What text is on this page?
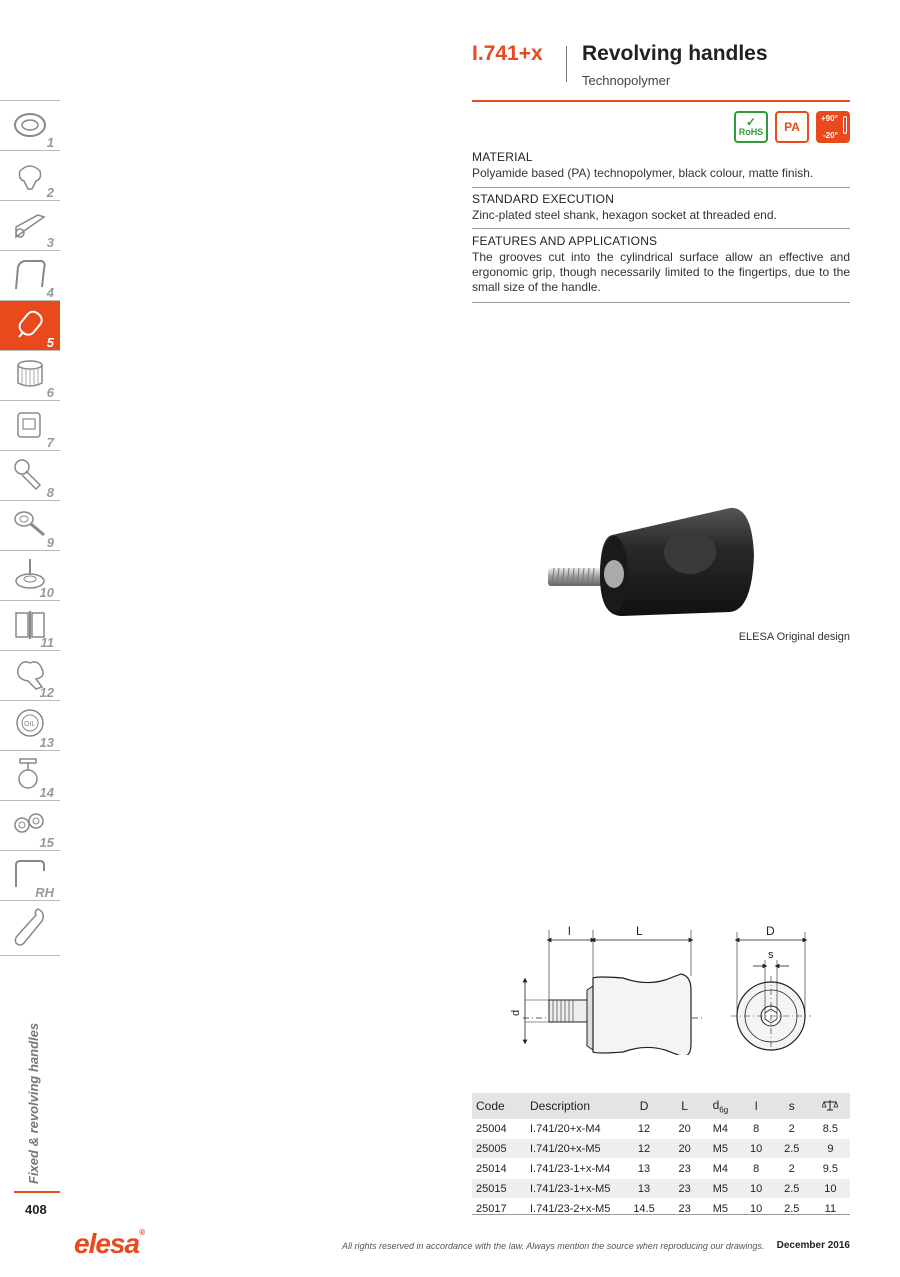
I.741+x Revolving handles
Technopolymer
✓
RoHS PA
+90°
-20°
MATERIAL

Polyamide based (PA) technopolymer, black colour, matte finish.

STANDARD EXECUTION

Zinc-plated steel shank, hexagon socket at threaded end.

FEATURES AND APPLICATIONS

The grooves cut into the cylindrical surface allow an effective and ergonomic grip, though necessarily limited to the fingertips, due to the small size of the handle.

1
2
3
4
5
6
7
8
9
10
11
12
OIL
13
14
15
RH
Fixed & revolving handles
408
ELESA Original design
d
l	L	D
s
Code	Description	D	L	$d_{6g}$	l	s	
25004	I.741/20+x-M4	12	20	M4	8	2	8.5
25005	I.741/20+x-M5	12	20	M5	10	2.5	9
25014	I.741/23-1+x-M4	13	23	M4	8	2	9.5
25015	I.741/23-1+x-M5	13	23	M5	10	2.5	10
25017	I.741/23-2+x-M5	14.5	23	M5	10	2.5	11
elesa®
All rights reserved in accordance with the law. Always mention the source when reproducing our drawings. December 2016
